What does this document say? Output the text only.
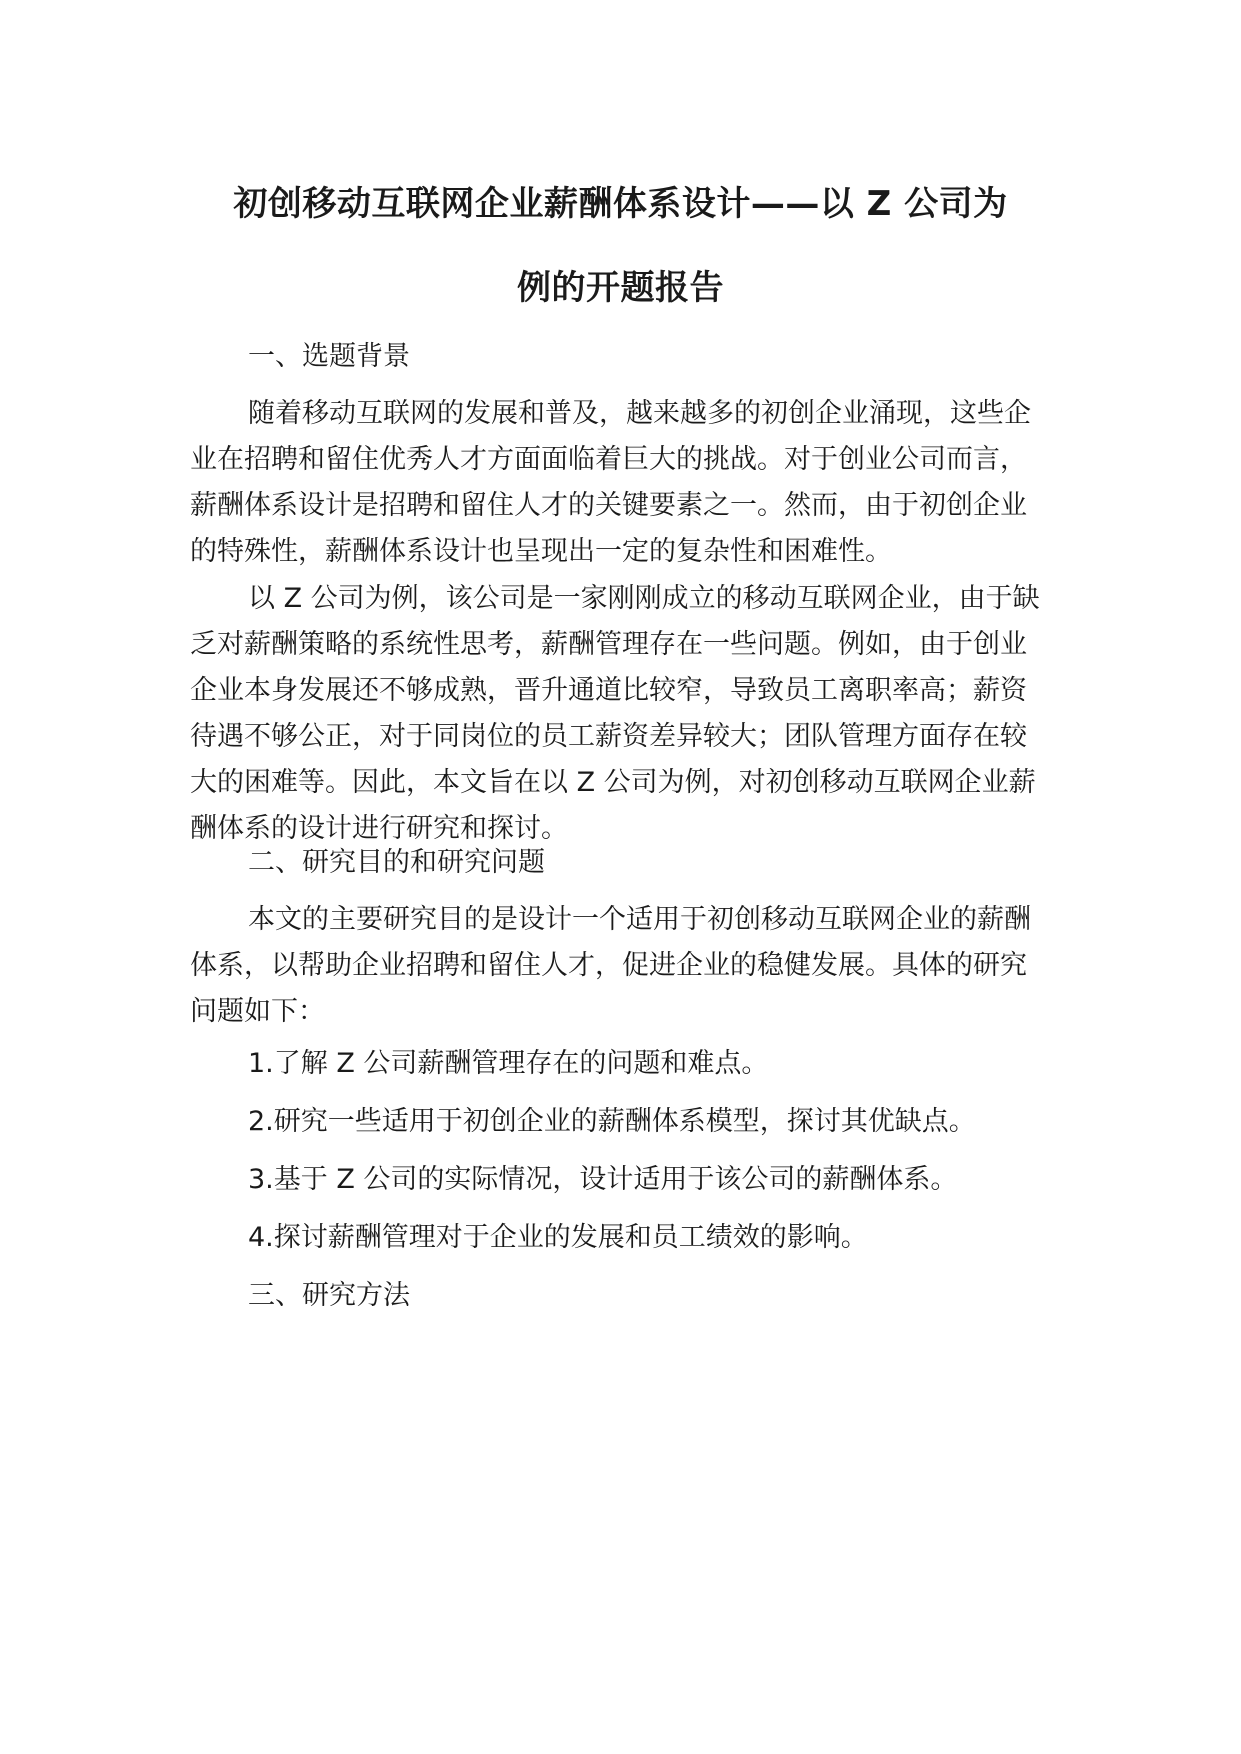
初创移动互联网企业薪酬体系设计——以 Z 公司为
例的开题报告
一、选题背景
随着移动互联网的发展和普及，越来越多的初创企业涌现，这些企
业在招聘和留住优秀人才方面面临着巨大的挑战。对于创业公司而言，
薪酬体系设计是招聘和留住人才的关键要素之一。然而，由于初创企业
的特殊性，薪酬体系设计也呈现出一定的复杂性和困难性。
以 Z 公司为例，该公司是一家刚刚成立的移动互联网企业，由于缺
乏对薪酬策略的系统性思考，薪酬管理存在一些问题。例如，由于创业
企业本身发展还不够成熟，晋升通道比较窄，导致员工离职率高；薪资
待遇不够公正，对于同岗位的员工薪资差异较大；团队管理方面存在较
大的困难等。因此，本文旨在以 Z 公司为例，对初创移动互联网企业薪
酬体系的设计进行研究和探讨。
二、研究目的和研究问题
本文的主要研究目的是设计一个适用于初创移动互联网企业的薪酬
体系，以帮助企业招聘和留住人才，促进企业的稳健发展。具体的研究
问题如下：
1.了解 Z 公司薪酬管理存在的问题和难点。
2.研究一些适用于初创企业的薪酬体系模型，探讨其优缺点。
3.基于 Z 公司的实际情况，设计适用于该公司的薪酬体系。
4.探讨薪酬管理对于企业的发展和员工绩效的影响。
三、研究方法
